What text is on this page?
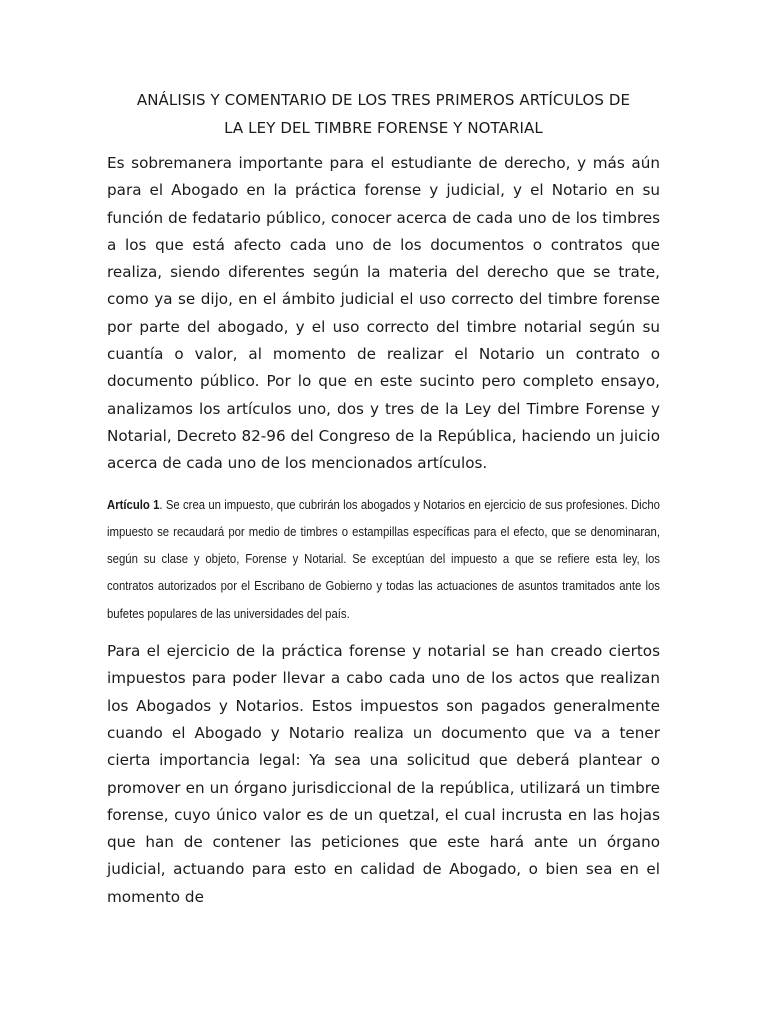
ANÁLISIS Y COMENTARIO DE LOS TRES PRIMEROS ARTÍCULOS DE
LA LEY DEL TIMBRE FORENSE Y NOTARIAL

Es sobremanera importante para el estudiante de derecho, y más aún para el Abogado en la práctica forense y judicial, y el Notario en su función de fedatario público, conocer acerca de cada uno de los timbres a los que está afecto cada uno de los documentos o contratos que realiza, siendo diferentes según la materia del derecho que se trate, como ya se dijo, en el ámbito judicial el uso correcto del timbre forense por parte del abogado, y el uso correcto del timbre notarial según su cuantía o valor, al momento de realizar el Notario un contrato o documento público. Por lo que en este sucinto pero completo ensayo, analizamos los artículos uno, dos y tres de la Ley del Timbre Forense y Notarial, Decreto 82-96 del Congreso de la República, haciendo un juicio acerca de cada uno de los mencionados artículos.

Artículo 1. Se crea un impuesto, que cubrirán los abogados y Notarios en ejercicio de sus profesiones. Dicho impuesto se recaudará por medio de timbres o estampillas específicas para el efecto, que se denominaran, según su clase y objeto, Forense y Notarial. Se exceptúan del impuesto a que se refiere esta ley, los contratos autorizados por el Escribano de Gobierno y todas las actuaciones de asuntos tramitados ante los bufetes populares de las universidades del país.

Para el ejercicio de la práctica forense y notarial se han creado ciertos impuestos para poder llevar a cabo cada uno de los actos que realizan los Abogados y Notarios. Estos impuestos son pagados generalmente cuando el Abogado y Notario realiza un documento que va a tener cierta importancia legal: Ya sea una solicitud que deberá plantear o promover en un órgano jurisdiccional de la república, utilizará un timbre forense, cuyo único valor es de un quetzal, el cual incrusta en las hojas que han de contener las peticiones que este hará ante un órgano judicial, actuando para esto en calidad de Abogado, o bien sea en el momento de
